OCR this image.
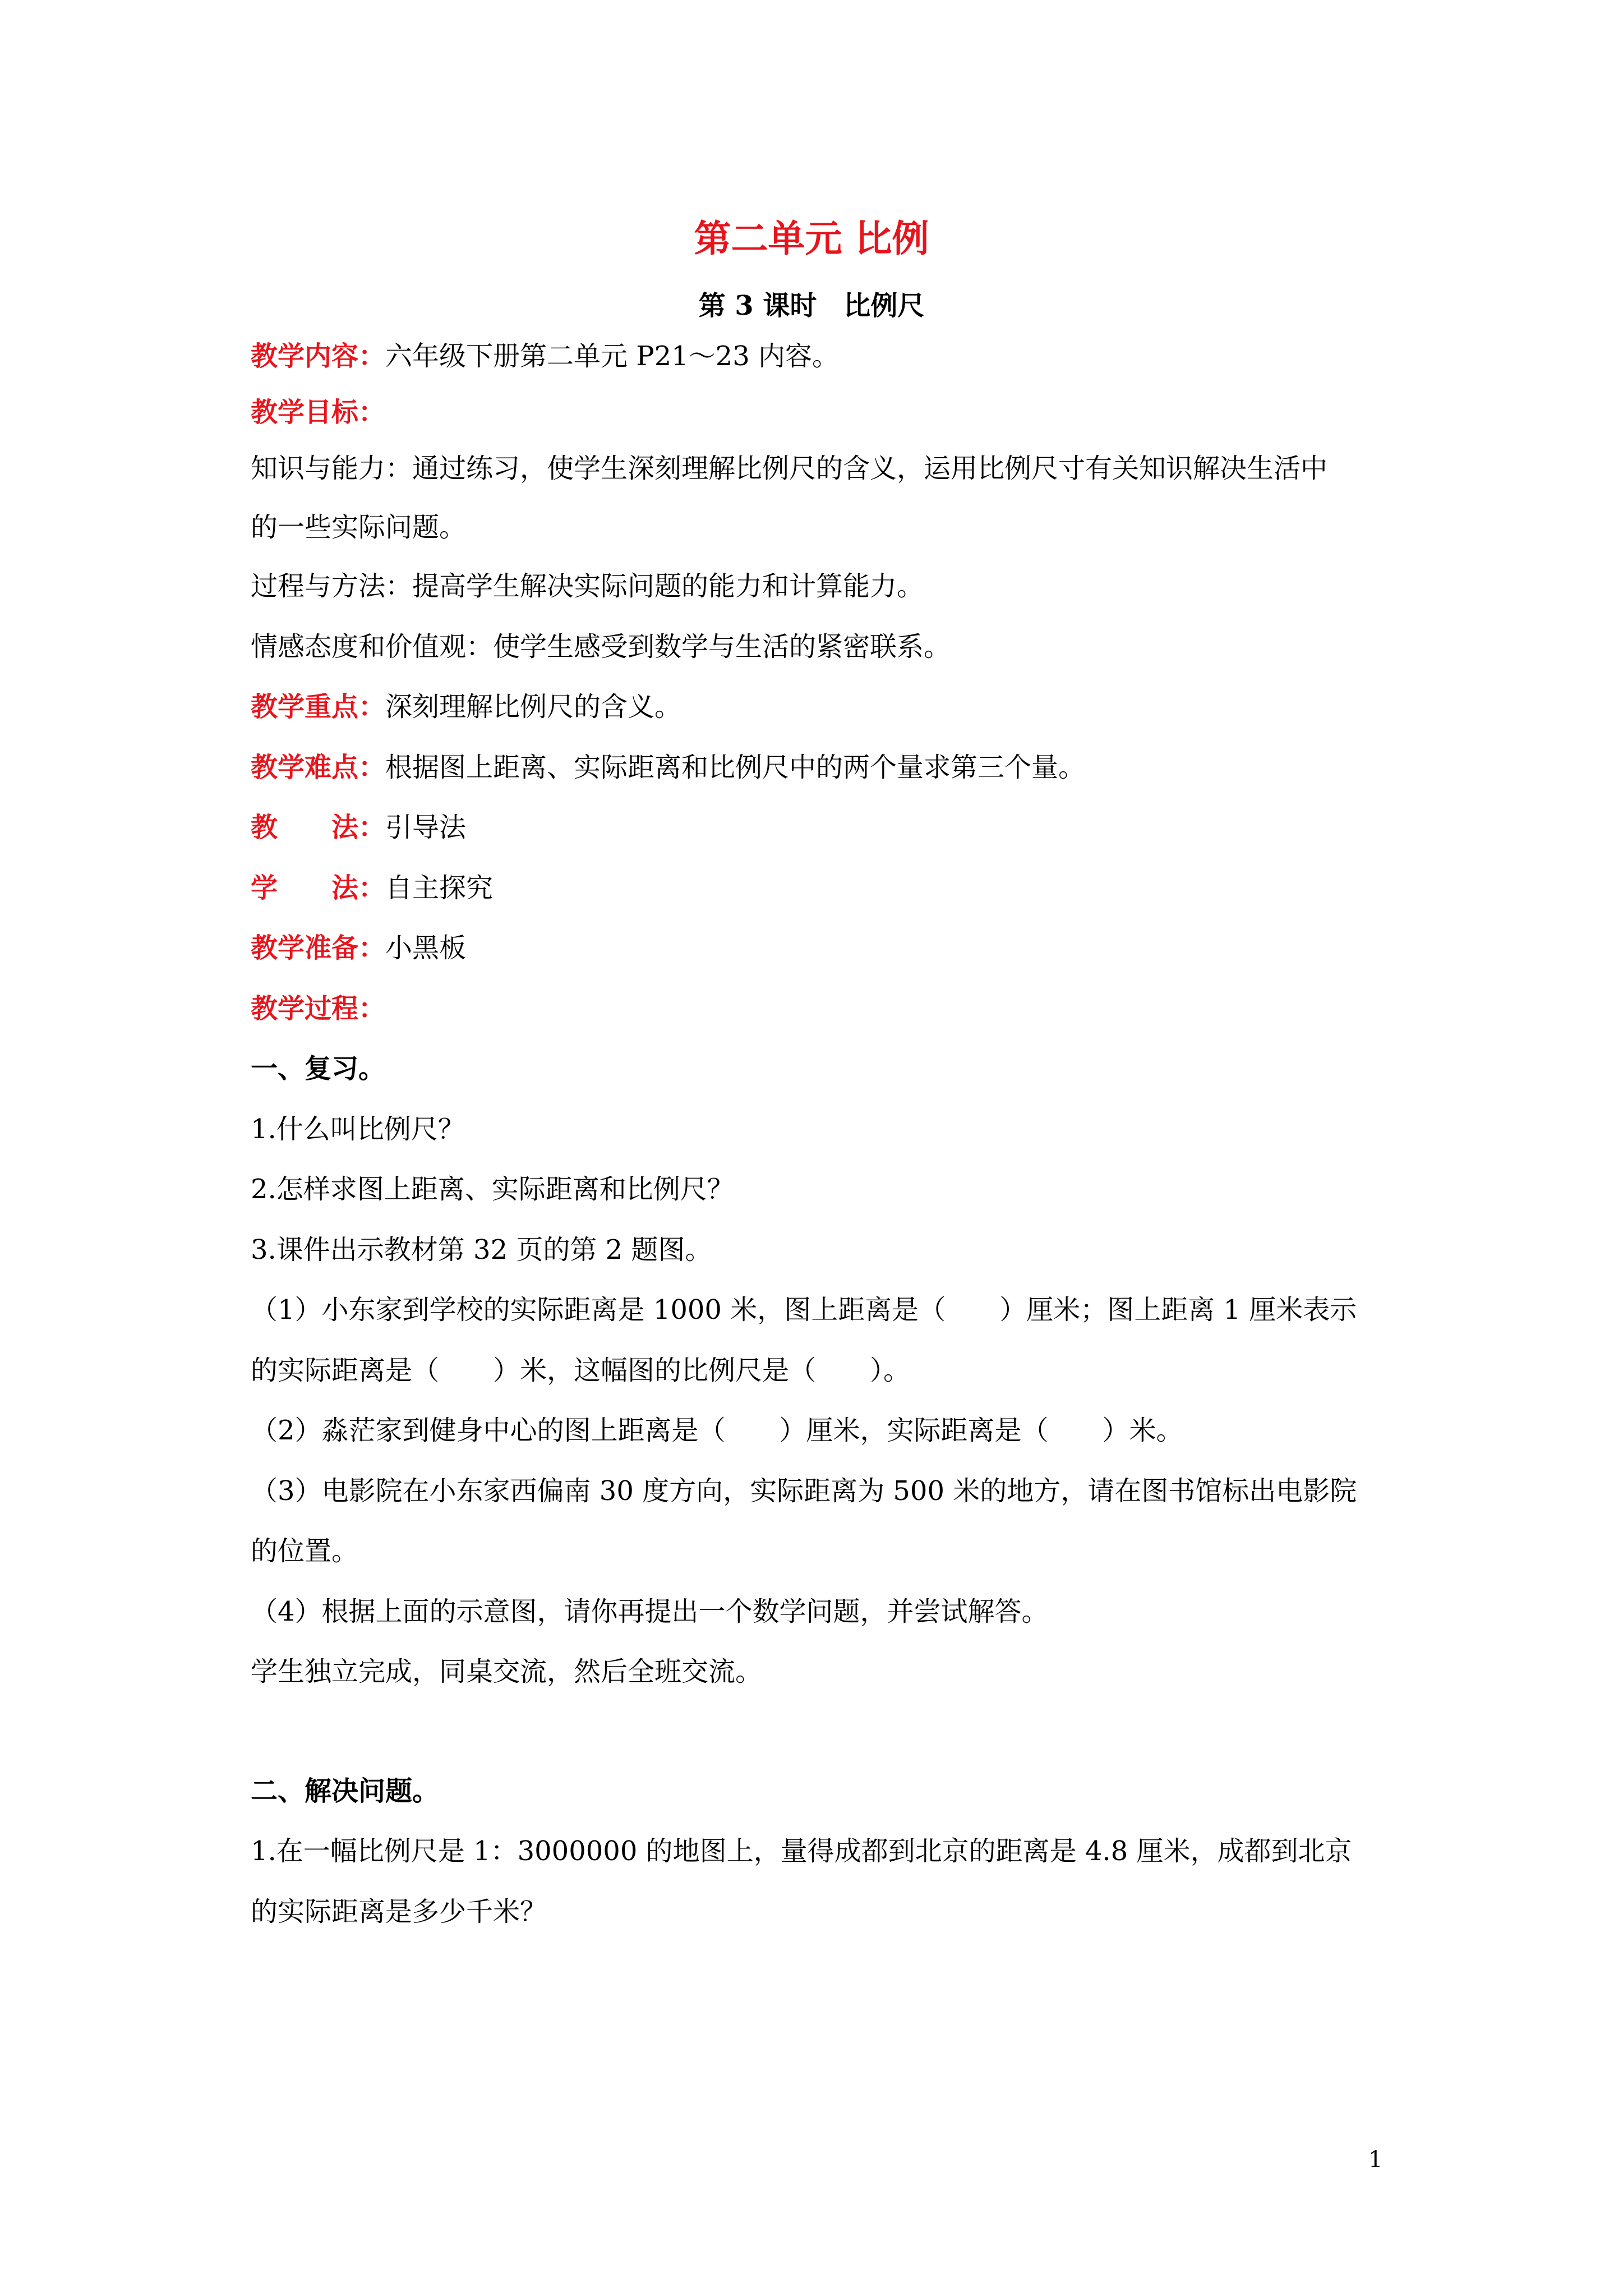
第二单元 比例
第 3 课时　比例尺
教学内容：六年级下册第二单元 P21～23 内容。
教学目标：
知识与能力：通过练习，使学生深刻理解比例尺的含义，运用比例尺寸有关知识解决生活中
的一些实际问题。
过程与方法：提高学生解决实际问题的能力和计算能力。
情感态度和价值观：使学生感受到数学与生活的紧密联系。
教学重点：深刻理解比例尺的含义。
教学难点：根据图上距离、实际距离和比例尺中的两个量求第三个量。
教 法：引导法
学 法：自主探究
教学准备：小黑板
教学过程：
一、复习。
1.什么叫比例尺？
2.怎样求图上距离、实际距离和比例尺？
3.课件出示教材第 32 页的第 2 题图。
（1）小东家到学校的实际距离是 1000 米，图上距离是（　　）厘米；图上距离 1 厘米表示
的实际距离是（　　）米，这幅图的比例尺是（　　）。
（2）淼茫家到健身中心的图上距离是（　　）厘米，实际距离是（　　）米。
（3）电影院在小东家西偏南 30 度方向，实际距离为 500 米的地方，请在图书馆标出电影院
的位置。
（4）根据上面的示意图，请你再提出一个数学问题，并尝试解答。
学生独立完成，同桌交流，然后全班交流。
二、解决问题。
1.在一幅比例尺是 1：3000000 的地图上，量得成都到北京的距离是 4.8 厘米，成都到北京
的实际距离是多少千米？
1
